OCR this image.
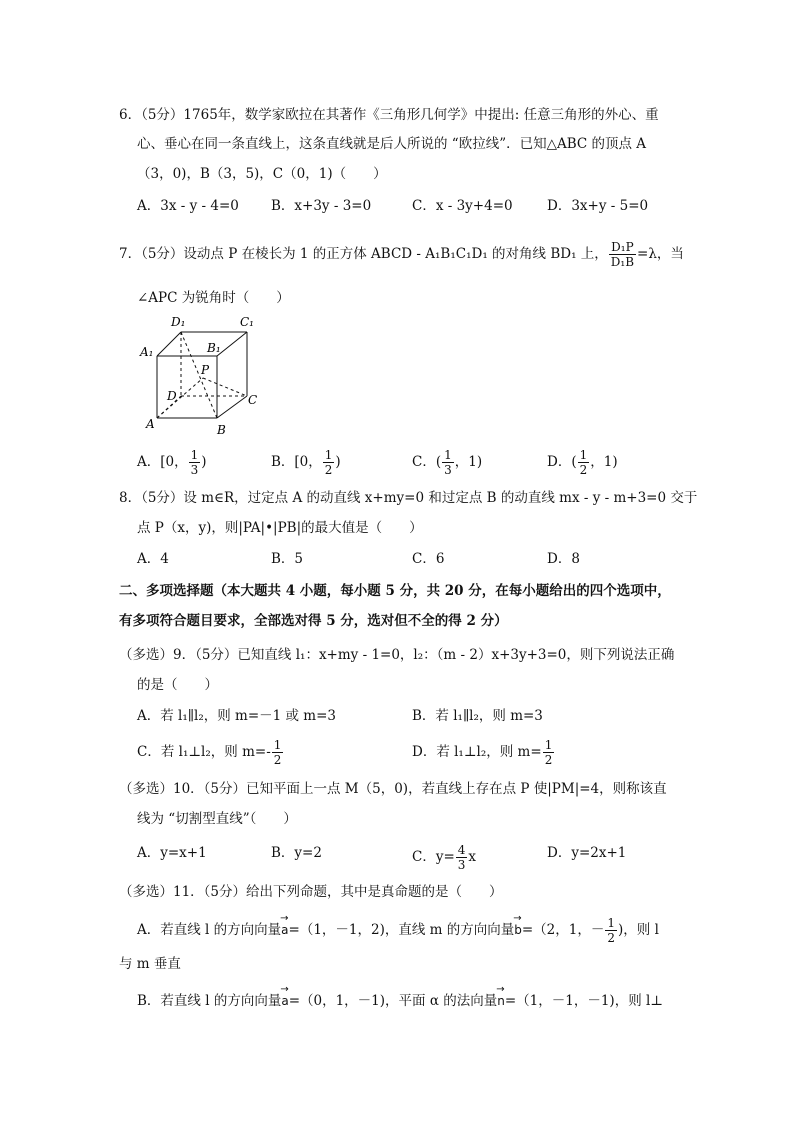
6．（5分）1765年，数学家欧拉在其著作《三角形几何学》中提出: 任意三角形的外心、重
心、垂心在同一条直线上，这条直线就是后人所说的 “欧拉线”．已知△ABC 的顶点 A
（3，0)，B（3，5)，C（0，1)（　　）
A．3x - y - 4=0 B．x+3y - 3=0	C．x - 3y+4=0	D．3x+y - 5=0
7．（5分）设动点 P 在棱长为 1 的正方体 ABCD - A₁B₁C₁D₁ 的对角线 BD₁ 上， $\frac{\text{D₁P}}{\text{D₁B}} =\lambda$，当
∠APC 为锐角时（　　）
D₁	C₁
A₁	B₁
P
D	C
A	B
A．[0， $\frac{1}{3}$ )	B．[0， $\frac{1}{2}$ )	C．( $\frac{1}{3}$ ，1)	D．( $\frac{1}{2}$ ，1)
8．（5分）设 m∈R，过定点 A 的动直线 x+my=0 和过定点 B 的动直线 mx - y - m+3=0 交于
点 P（x，y)，则|PA|•|PB|的最大值是（　　）
A．4	B．5	C．6	D．8
二、多项选择题（本大题共 4 小题，每小题 5 分，共 20 分，在每小题给出的四个选项中，
有多项符合题目要求，全部选对得 5 分，选对但不全的得 2 分）
（多选）9．（5分）已知直线 l₁：x+my - 1=0，l₂：（m - 2）x+3y+3=0，则下列说法正确
的是（　　）
A．若 l₁∥l₂，则 m=－1 或 m=3	B．若 l₁∥l₂，则 m=3
C．若 l₁⊥l₂，则 $m=- \frac{1}{2}$	D．若 l₁⊥l₂，则 $m= \frac{1}{2}$
（多选）10．（5分）已知平面上一点 M（5，0)，若直线上存在点 P 使|PM|=4，则称该直
线为 “切割型直线”（　　）
A．y=x+1	B．y=2	C．$y= \frac{4}{3}$ x	D．y=2x+1
（多选）11．（5分）给出下列命题，其中是真命题的是（　　）
A．若直线 l 的方向向量→ a=（1，－1，2)，直线 m 的方向向量→ b=（2，1，－ $\frac{1}{2}$ )，则 l
与 m 垂直
B．若直线 l 的方向向量→ a=（0，1，－1)，平面 α 的法向量→ n=（1，－1，－1)，则 l⊥
